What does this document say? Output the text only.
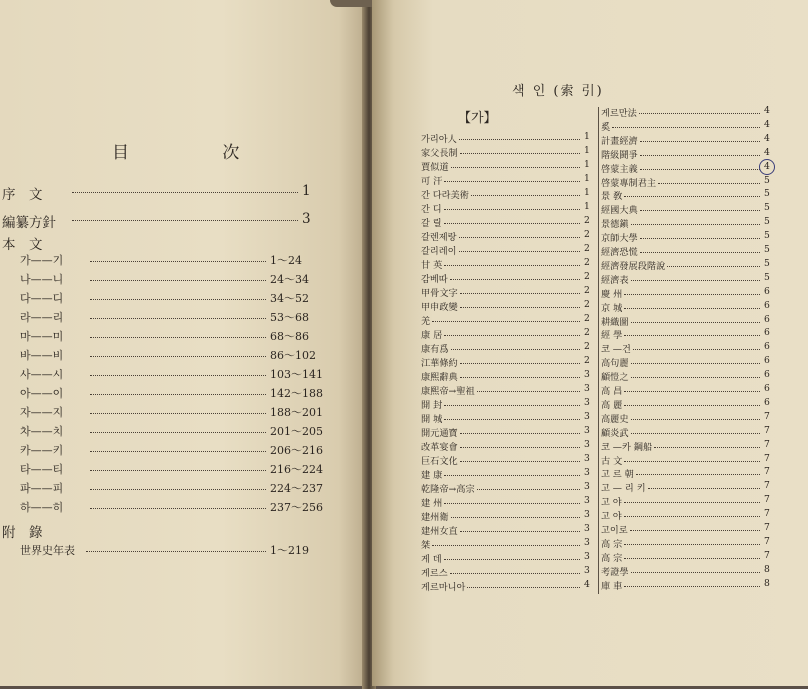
目 次
序　文	1
編纂方針	3
本　文
가——기	1～24
나——니	24～34
다——디	34～52
라——리	53～68
마——미	68～86
바——비	86～102
사——시	103～141
아——이	142～188
자——지	188～201
차——치	201～205
카——키	206～216
타——티	216～224
파——피	224～237
하——히	237～256
附　錄
世界史年表	1～219
색 인 (索 引)
【가】
가리아人	1
家父長制	1
賈似道	1
可 汗	1
간 다라美術	1
간 디	1
갈 릴	2
갈렌제랑	2
갈리레이	2
甘 英	2
감베따	2
甲骨文字	2
甲申政變	2
羌	2
康 居	2
康有爲	2
江華條約	2
康熙辭典	3
康熙帝→聖祖	3
開 封	3
開 城	3
開元通寶	3
改革宴會	3
巨石文化	3
建 康	3
乾隆帝→高宗	3
建 州	3
建州衛	3
建州女直	3
桀	3
게 데	3
게르스	3
게르마니아	4
게르만法	4
奚	4
計畫經濟	4
階級鬪爭	4
啓蒙主義	4
啓蒙專制君主	5
景 敎	5
經國大典	5
景德鎭	5
京師大學	5
經濟恐慌	5
經濟發展段階說	5
經濟表	5
慶 州	6
京 城	6
耕織圖	6
經 學	6
코 —건	6
高句麗	6
顧愷之	6
高 昌	6
高 麗	6
高麗史	7
顧炎武	7
코 —카 鋼船	7
古 文	7
고 르 朝	7
고 — 리 키	7
고 야	7
고 야	7
고이로	7
高 宗	7
高 宗	7
考證學	8
庫 車	8
